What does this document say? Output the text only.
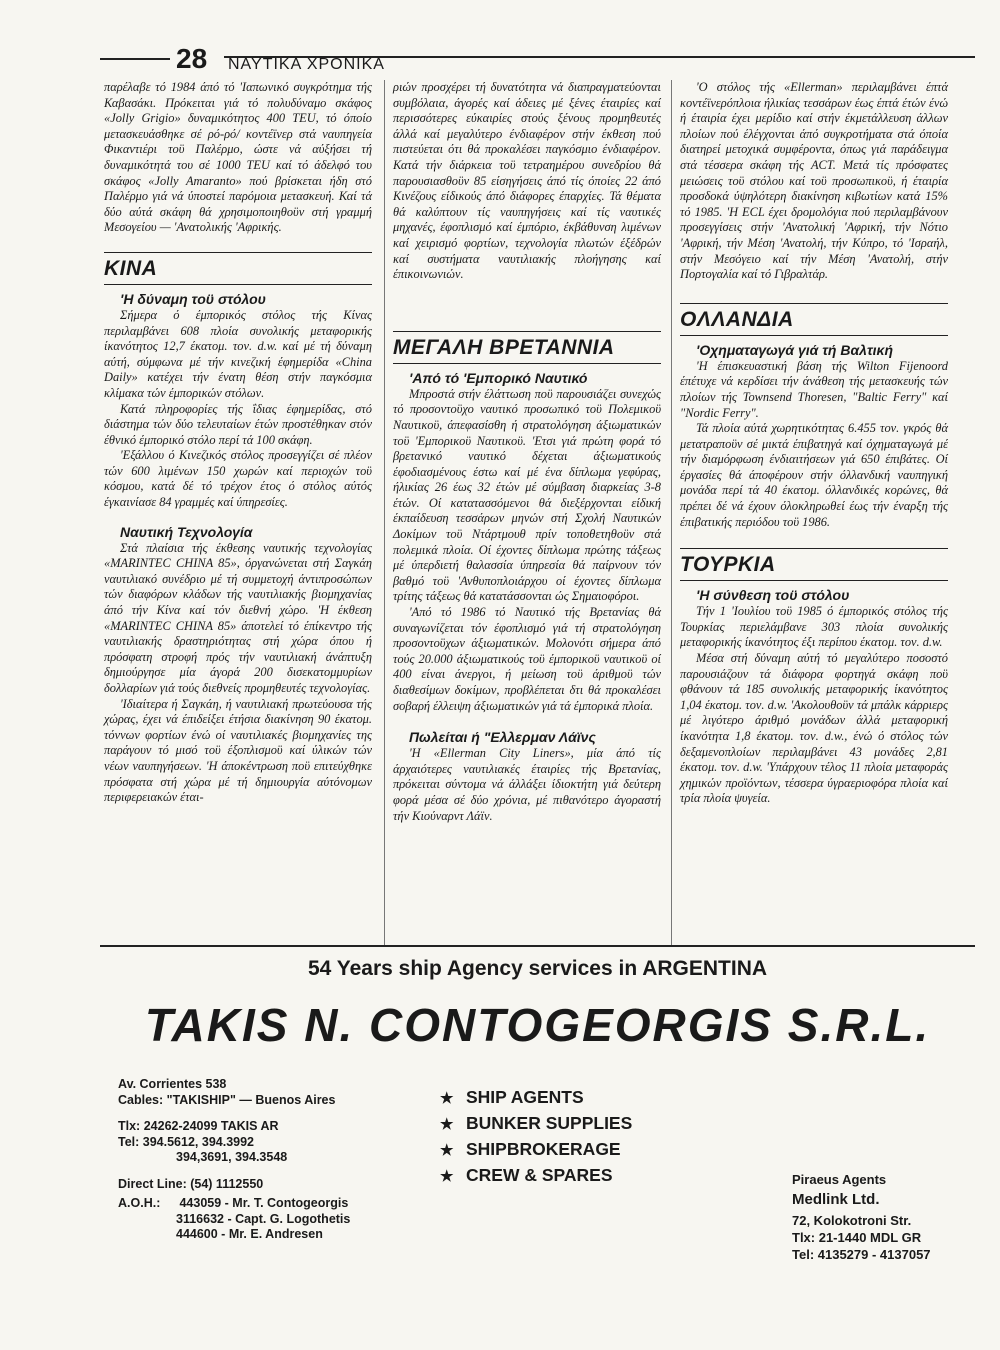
28 ΝΑΥΤΙΚΑ ΧΡΟΝΙΚΑ

παρέλαβε τό 1984 άπό τό 'Ιαπωνικό συγκρότημα τής Καβασάκι. Πρόκειται γιά τό πολυδύναμο σκάφος «Jolly Grigio» δυναμικότητος 400 TEU, τό όποίο μετασκευάσθηκε σέ ρό-ρό/ κοντέϊνερ στά ναυπηγεία Φικαντιέρι τοϋ Παλέρμο, ώστε νά αύξήσει τή δυναμικότητά του σέ 1000 TEU καί τό άδελφό του σκάφος «Jolly Amaranto» πού βρίσκεται ήδη στό Παλέρμο γιά νά ύποστεί παρόμοια μετασκευή. Καί τά δύο αύτά σκάφη θά χρησιμοποιηθοϋν στή γραμμή Μεσογείου — 'Ανατολικής 'Αφρικής.

ΚΙΝΑ

'Η δύναμη τοϋ στόλου

Σήμερα ό έμπορικός στόλος τής Κίνας περιλαμβάνει 608 πλοία συνολικής μεταφορικής ίκανότητος 12,7 έκατομ. τον. d.w. καί μέ τή δύναμη αύτή, σύμφωνα μέ τήν κινεζική έφημερίδα «China Daily» κατέχει τήν ένατη θέση στήν παγκόσμια κλίμακα τών έμπορικών στόλων.

Κατά πληροφορίες τής ΐδιας έφημερίδας, στό διάστημα τών δύο τελευταίων έτών προστέθηκαν στόν έθνικό έμπορικό στόλο περί τά 100 σκάφη.

'Εξάλλου ό Κινεζικός στόλος προσεγγίζει σέ πλέον τών 600 λιμένων 150 χωρών καί περιοχών τοϋ κόσμου, κατά δέ τό τρέχον έτος ό στόλος αύτός έγκαινίασε 84 γραμμές καί ύπηρεσίες.

Ναυτική Τεχνολογία

Στά πλαίσια τής έκθεσης ναυτικής τεχνολογίας «MARINTEC CHINA 85», όργανώνεται στή Σαγκάη ναυτιλιακό συνέδριο μέ τή συμμετοχή άντιπροσώπων τών διαφόρων κλάδων τής ναυτιλιακής βιομηχανίας άπό τήν Κίνα καί τόν διεθνή χώρο. 'Η έκθεση «MARINTEC CHINA 85» άποτελεί τό έπίκεντρο τής ναυτιλιακής δραστηριότητας στή χώρα όπου ή πρόσφατη στροφή πρός τήν ναυτιλιακή άνάπτυξη δημιούργησε μία άγορά 200 δισεκατομμυρίων δολλαρίων γιά τούς διεθνείς προμηθευτές τεχνολογίας.

'Ιδιαίτερα ή Σαγκάη, ή ναυτιλιακή πρωτεύουσα τής χώρας, έχει νά έπιδείξει έτήσια διακίνηση 90 έκατομ. τόννων φορτίων ένώ οί ναυτιλιακές βιομηχανίες της παράγουν τό μισό τοϋ έξοπλισμοϋ καί ύλικών τών νέων ναυπηγήσεων. 'Η άποκέντρωση ποϋ επιτεύχθηκε πρόσφατα στή χώρα μέ τή δημιουργία αύτόνομων περιφερειακών έται-

ριών προσχέρει τή δυνατότητα νά διαπραγματεύονται συμβόλαια, άγορές καί άδειες μέ ξένες έταιρίες καί περισσότερες εύκαιρίες στούς ξένους προμηθευτές άλλά καί μεγαλύτερο ένδιαφέρον στήν έκθεση πού πιστεύεται ότι θά προκαλέσει παγκόσμιο ένδιαφέρον. Κατά τήν διάρκεια τοϋ τετραημέρου συνεδρίου θά παρουσιασθοϋν 85 είσηγήσεις άπό τίς όποίες 22 άπό Κινέζους είδικούς άπό διάφορες έπαρχίες. Τά θέματα θά καλύπτουν τίς ναυπηγήσεις καί τίς ναυτικές μηχανές, έφοπλισμό καί έμπόριο, έκβάθυνση λιμένων καί χειρισμό φορτίων, τεχνολογία πλωτών έξέδρών καί συστήματα ναυτιλιακής πλοήγησης καί έπικοινωνιών.

ΜΕΓΑΛΗ ΒΡΕΤΑΝΝΙΑ

'Από τό 'Εμπορικό Ναυτικό

Μπροστά στήν έλάττωση ποϋ παρουσιάζει συνεχώς τό προσοντοϋχο ναυτικό προσωπικό τοϋ Πολεμικοϋ Ναυτικοϋ, άπεφασίσθη ή στρατολόγηση άξιωματικών τοϋ 'Εμπορικοϋ Ναυτικοϋ. 'Ετσι γιά πρώτη φορά τό βρετανικό ναυτικό δέχεται άξιωματικούς έφοδιασμένους έστω καί μέ ένα δίπλωμα γεφύρας, ήλικίας 26 έως 32 έτών μέ σύμβαση διαρκείας 3-8 έτών. Οί κατατασσόμενοι θά διεξέρχονται είδική έκπαίδευση τεσσάρων μηνών στή Σχολή Ναυτικών Δοκίμων τοϋ Ντάρτμουθ πρίν τοποθετηθοϋν στά πολεμικά πλοία. Οί έχοντες δίπλωμα πρώτης τάξεως μέ ύπερδιετή θαλασσία ύπηρεσία θά παίρνουν τόν βαθμό τοϋ 'Ανθυποπλοιάρχου οί έχοντες δίπλωμα τρίτης τάξεως θά κατατάσσονται ώς Σημαιοφόροι.

'Από τό 1986 τό Ναυτικό τής Βρετανίας θά συναγωνίζεται τόν έφοπλισμό γιά τή στρατολόγηση προσοντοϋχων άξιωματικών. Μολονότι σήμερα άπό τούς 20.000 άξιωματικούς τοϋ έμπορικοϋ ναυτικοϋ οί 400 είναι άνεργοι, ή μείωση τοϋ άριθμοϋ τών διαθεσίμων δοκίμων, προβλέπεται δτι θά προκαλέσει σοβαρή έλλειψη άξιωματικών γιά τά έμπορικά πλοία.

Πωλείται ή "Ελλερμαν Λάϊνς

'Η «Ellerman City Liners», μία άπό τίς άρχαιότερες ναυτιλιακές έταιρίες τής Βρετανίας, πρόκειται σύντομα νά άλλάξει ίδιοκτήτη γιά δεύτερη φορά μέσα σέ δύο χρόνια, μέ πιθανότερο άγοραστή τήν Κιούναρντ Λάϊν.

'Ο στόλος τής «Ellerman» περιλαμβάνει έπτά κοντέϊνερόπλοια ήλικίας τεσσάρων έως έπτά έτών ένώ ή έταιρία έχει μερίδιο καί στήν έκμετάλλευση άλλων πλοίων πού έλέγχονται άπό συγκροτήματα στά όποία διατηρεί μετοχικά συμφέροντα, όπως γιά παράδειγμα στά τέσσερα σκάφη τής ACT. Μετά τίς πρόσφατες μειώσεις τοϋ στόλου καί τοϋ προσωπικοϋ, ή έταιρία προσδοκά ύψηλότερη διακίνηση κιβωτίων κατά 15% τό 1985. 'Η ECL έχει δρομολόγια πού περιλαμβάνουν προσεγγίσεις στήν 'Ανατολική 'Αφρική, τήν Νότιο 'Αφρική, τήν Μέση 'Ανατολή, τήν Κύπρο, τό 'Ισραήλ, στήν Μεσόγειο καί τήν Μέση 'Ανατολή, στήν Πορτογαλία καί τό Γιβραλτάρ.

ΟΛΛΑΝΔΙΑ

'Οχηματαγωγά γιά τή Βαλτική

'Η έπισκευαστική βάση τής Wilton Fijenoord έπέτυχε νά κερδίσει τήν άνάθεση τής μετασκευής τών πλοίων τής Townsend Thoresen, "Baltic Ferry" καί "Nordic Ferry".

Τά πλοία αύτά χωρητικότητας 6.455 τον. γκρός θά μετατραποϋν σέ μικτά έπιβατηγά καί όχηματαγωγά μέ τήν διαμόρφωση ένδιαιτήσεων γιά 650 έπιβάτες. Οί έργασίες θά άποφέρουν στήν όλλανδική ναυπηγική μονάδα περί τά 40 έκατομ. όλλανδικές κορώνες, θά πρέπει δέ νά έχουν όλοκληρωθεί έως τήν έναρξη τής έπιβατικής περιόδου τοϋ 1986.

ΤΟΥΡΚΙΑ

'Η σύνθεση τοϋ στόλου

Τήν 1 'Ιουλίου τοϋ 1985 ό έμπορικός στόλος τής Τουρκίας περιελάμβανε 303 πλοία συνολικής μεταφορικής ίκανότητος έξι περίπου έκατομ. τον. d.w.

Μέσα στή δύναμη αύτή τό μεγαλύτερο ποσοστό παρουσιάζουν τά διάφορα φορτηγά σκάφη ποϋ φθάνουν τά 185 συνολικής μεταφορικής ίκανότητος 1,04 έκατομ. τον. d.w. 'Ακολουθοϋν τά μπάλκ κάρριερς μέ λιγότερο άριθμό μονάδων άλλά μεταφορική ίκανότητα 1,8 έκατομ. τον. d.w., ένώ ό στόλος τών δεξαμενοπλοίων περιλαμβάνει 43 μονάδες 2,81 έκατομ. τον. d.w. 'Υπάρχουν τέλος 11 πλοία μεταφοράς χημικών προϊόντων, τέσσερα ύγραεριοφόρα πλοία καί τρία πλοία ψυγεία.

54 Years ship Agency services in ARGENTINA
TAKIS N. CONTOGEORGIS S.R.L.
Av. Corrientes 538
Cables: "TAKISHIP" — Buenos Aires
Tlx: 24262-24099 TAKIS AR
Tel: 394.5612, 394.3992
394,3691, 394.3548
Direct Line: (54) 1112550
A.O.H.: 443059 - Mr. T. Contogeorgis
3116632 - Capt. G. Logothetis
444600 - Mr. E. Andresen
★ SHIP AGENTS
★ BUNKER SUPPLIES
★ SHIPBROKERAGE
★ CREW & SPARES	Piraeus Agents
Medlink Ltd.
72, Kolokotroni Str.
Tlx: 21-1440 MDL GR
Tel: 4135279 - 4137057
